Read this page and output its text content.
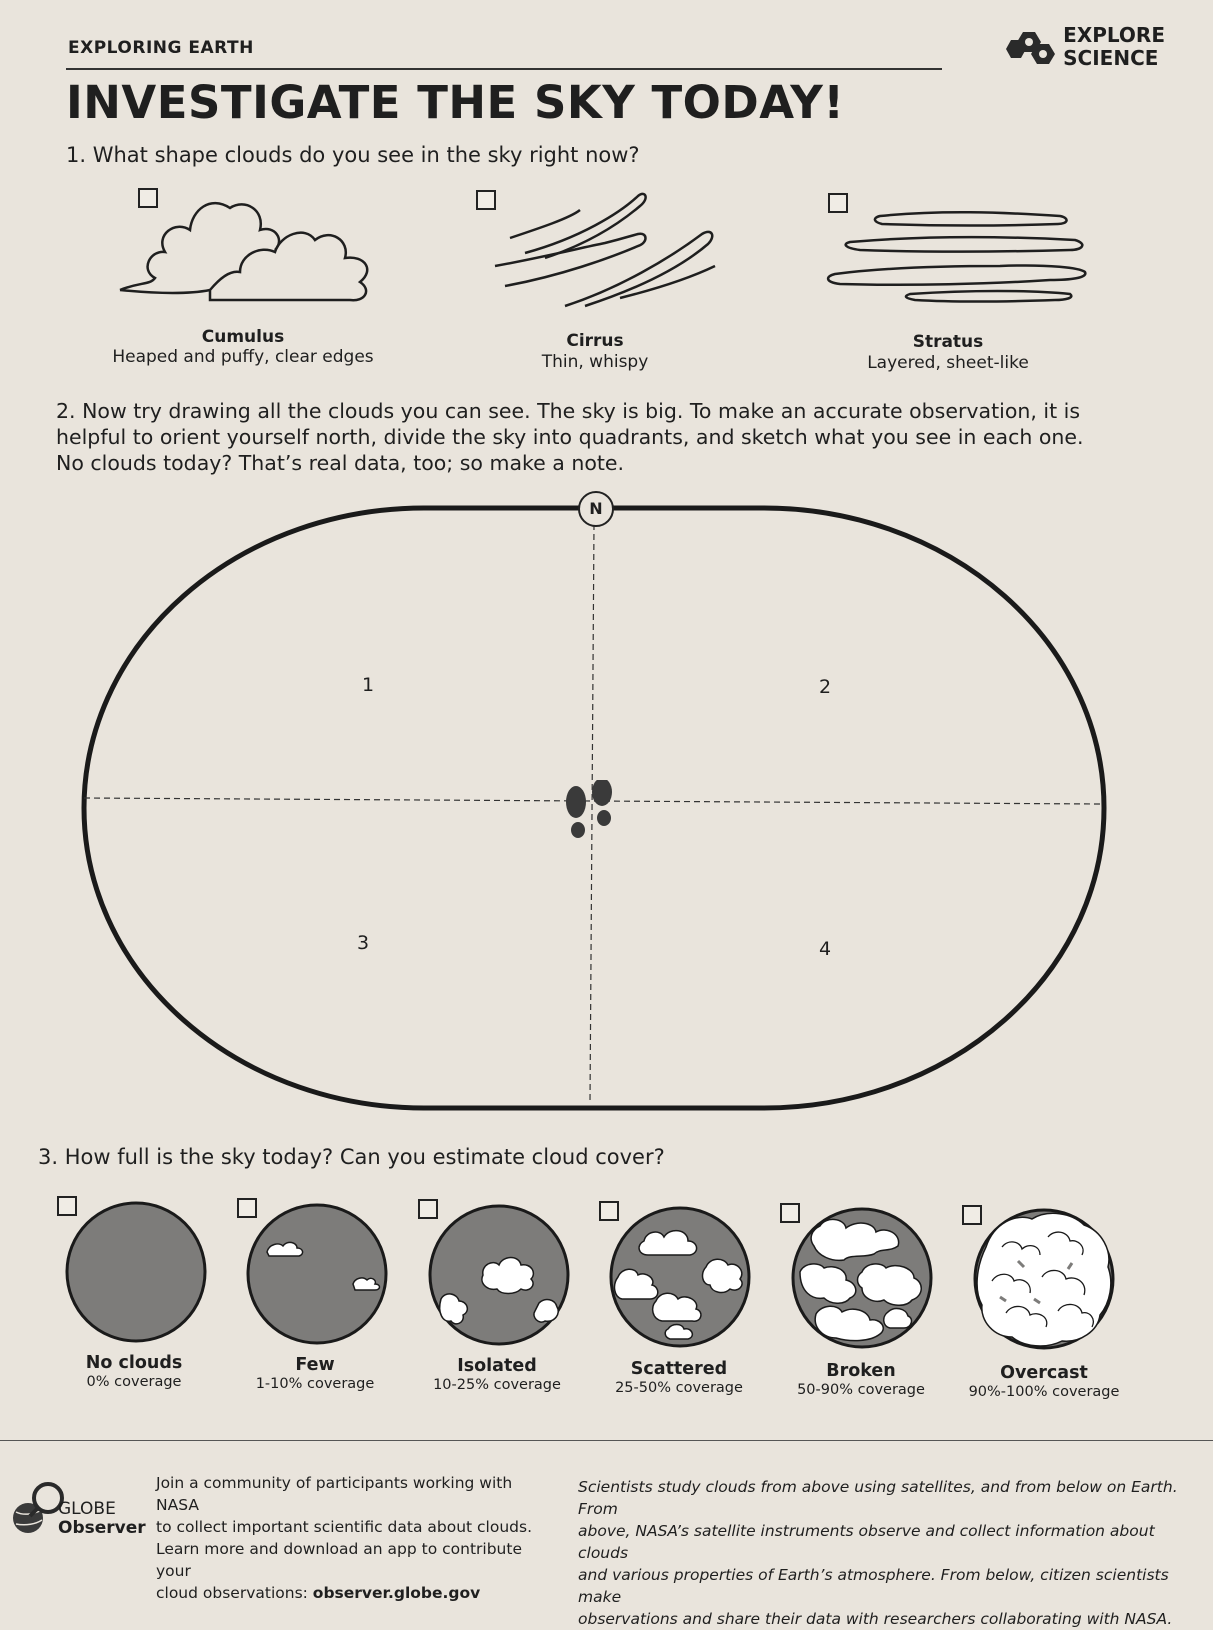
EXPLORING EARTH
INVESTIGATE THE SKY TODAY!
EXPLORE
SCIENCE
1. What shape clouds do you see in the sky right now?
Cumulus
Heaped and puffy, clear edges
Cirrus
Thin, whispy
Stratus
Layered, sheet-like
2. Now try drawing all the clouds you can see. The sky is big. To make an accurate observation, it is
helpful to orient yourself north, divide the sky into quadrants, and sketch what you see in each one.
No clouds today? That’s real data, too; so make a note.
N
1	2
3	4
3. How full is the sky today? Can you estimate cloud cover?
No clouds
0% coverage
Few
1-10% coverage
Isolated
10-25% coverage
Scattered
25-50% coverage
Broken
50-90% coverage
Overcast
90%-100% coverage
GLOBE
Observer
Join a community of participants working with NASA
to collect important scientific data about clouds.
Learn more and download an app to contribute your
cloud observations: observer.globe.gov
Scientists study clouds from above using satellites, and from below on Earth. From
above, NASA’s satellite instruments observe and collect information about clouds
and various properties of Earth’s atmosphere. From below, citizen scientists make
observations and share their data with researchers collaborating with NASA.
